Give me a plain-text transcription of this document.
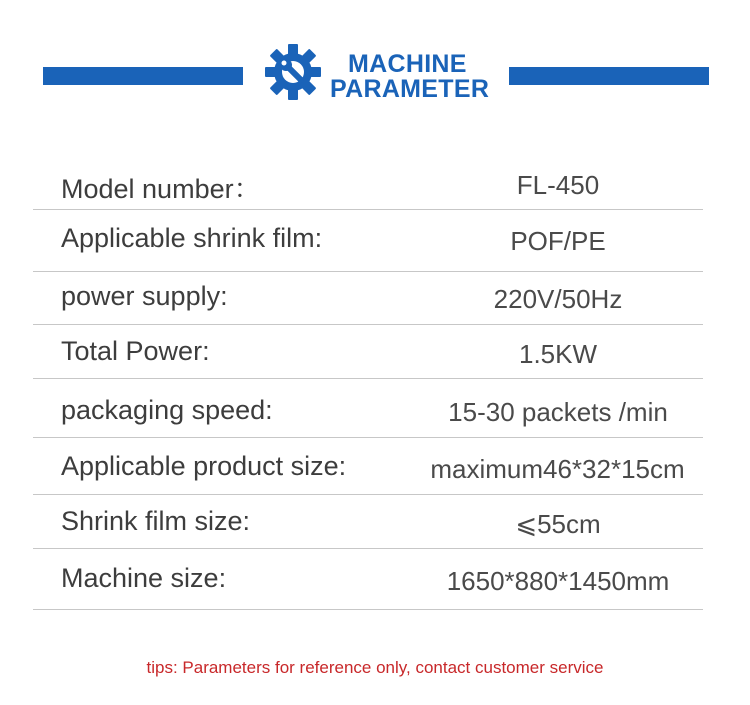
MACHINE
PARAMETER
Model number：	FL-450
Applicable shrink film:	POF/PE
power supply:	220V/50Hz
Total Power:	1.5KW
packaging speed:	15-30 packets /min
Applicable product size:	maximum46*32*15cm
Shrink film size:	⩽55cm
Machine size:	1650*880*1450mm
tips: Parameters for reference only, contact customer service
